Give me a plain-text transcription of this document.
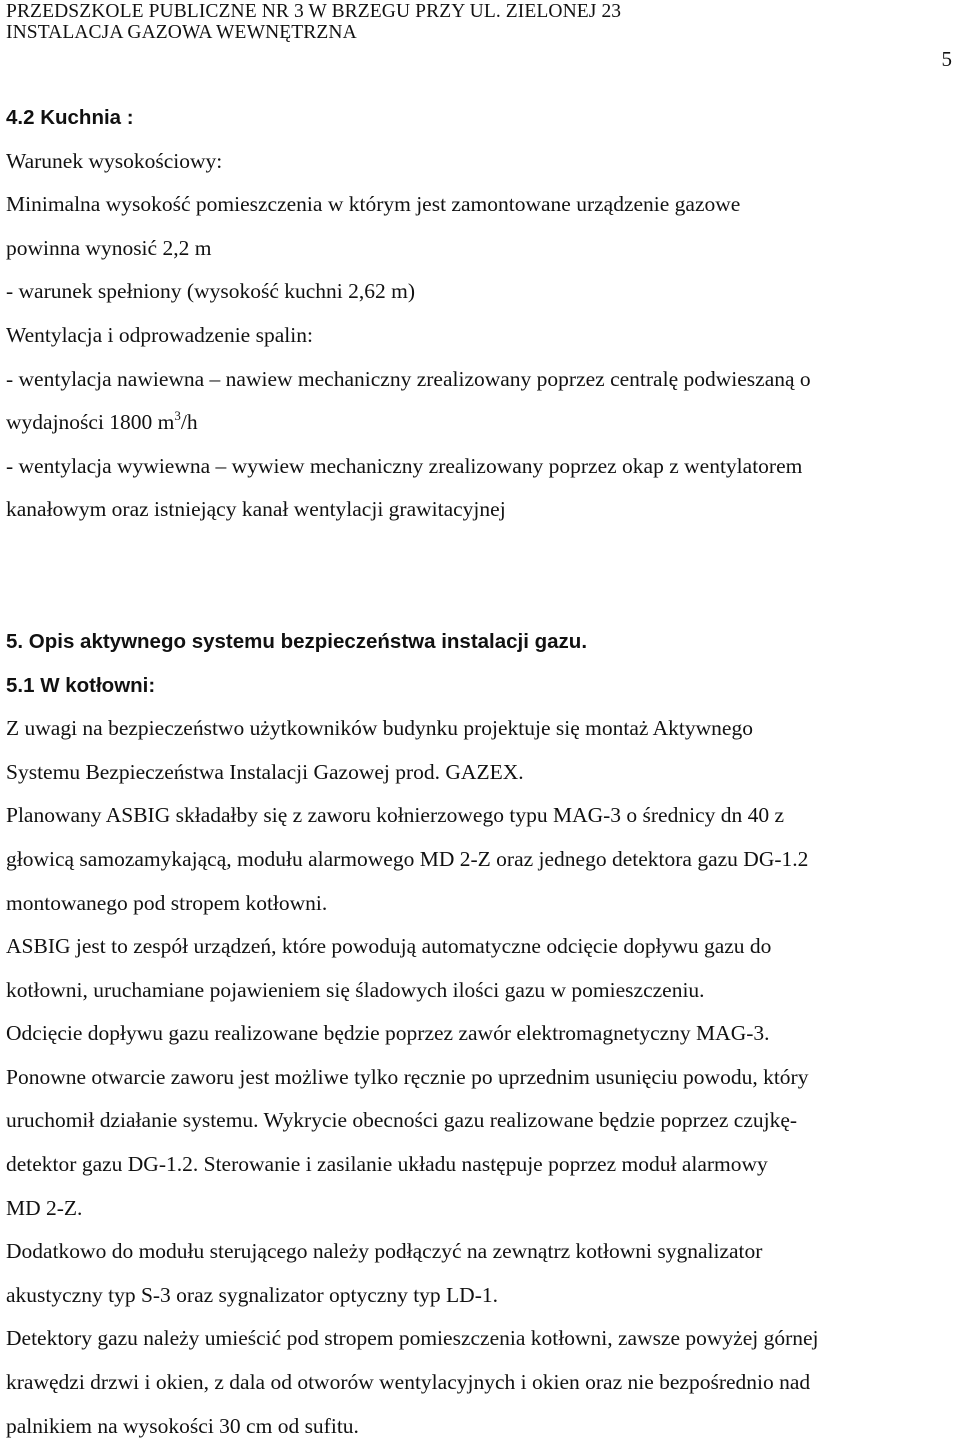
PRZEDSZKOLE PUBLICZNE NR 3 W BRZEGU PRZY UL. ZIELONEJ 23
INSTALACJA GAZOWA WEWNĘTRZNA
5

4.2 Kuchnia :

Warunek wysokościowy:

Minimalna wysokość pomieszczenia w którym jest zamontowane urządzenie gazowe

powinna wynosić 2,2 m

- warunek spełniony (wysokość kuchni 2,62 m)

Wentylacja i odprowadzenie spalin:

- wentylacja nawiewna – nawiew mechaniczny zrealizowany poprzez centralę podwieszaną o

wydajności 1800 $m^3/h$

- wentylacja wywiewna – wywiew mechaniczny zrealizowany poprzez okap z wentylatorem

kanałowym oraz istniejący kanał wentylacji grawitacyjnej

5. Opis aktywnego systemu bezpieczeństwa instalacji gazu.

5.1 W kotłowni:

Z uwagi na bezpieczeństwo użytkowników budynku projektuje się montaż Aktywnego

Systemu Bezpieczeństwa Instalacji Gazowej prod. GAZEX.

Planowany ASBIG składałby się z zaworu kołnierzowego typu MAG-3 o średnicy dn 40 z

głowicą samozamykającą, modułu alarmowego MD 2-Z oraz jednego detektora gazu DG-1.2

montowanego pod stropem kotłowni.

ASBIG jest to zespół urządzeń, które powodują automatyczne odcięcie dopływu gazu do

kotłowni, uruchamiane pojawieniem się śladowych ilości gazu w pomieszczeniu.

Odcięcie dopływu gazu realizowane będzie poprzez zawór elektromagnetyczny MAG-3.

Ponowne otwarcie zaworu jest możliwe tylko ręcznie po uprzednim usunięciu powodu, który

uruchomił działanie systemu. Wykrycie obecności gazu realizowane będzie poprzez czujkę-

detektor gazu DG-1.2. Sterowanie i zasilanie układu następuje poprzez moduł alarmowy

MD 2-Z.

Dodatkowo do modułu sterującego należy podłączyć na zewnątrz kotłowni sygnalizator

akustyczny typ S-3 oraz sygnalizator optyczny typ LD-1.

Detektory gazu należy umieścić pod stropem pomieszczenia kotłowni, zawsze powyżej górnej

krawędzi drzwi i okien, z dala od otworów wentylacyjnych i okien oraz nie bezpośrednio nad

palnikiem na wysokości 30 cm od sufitu.
